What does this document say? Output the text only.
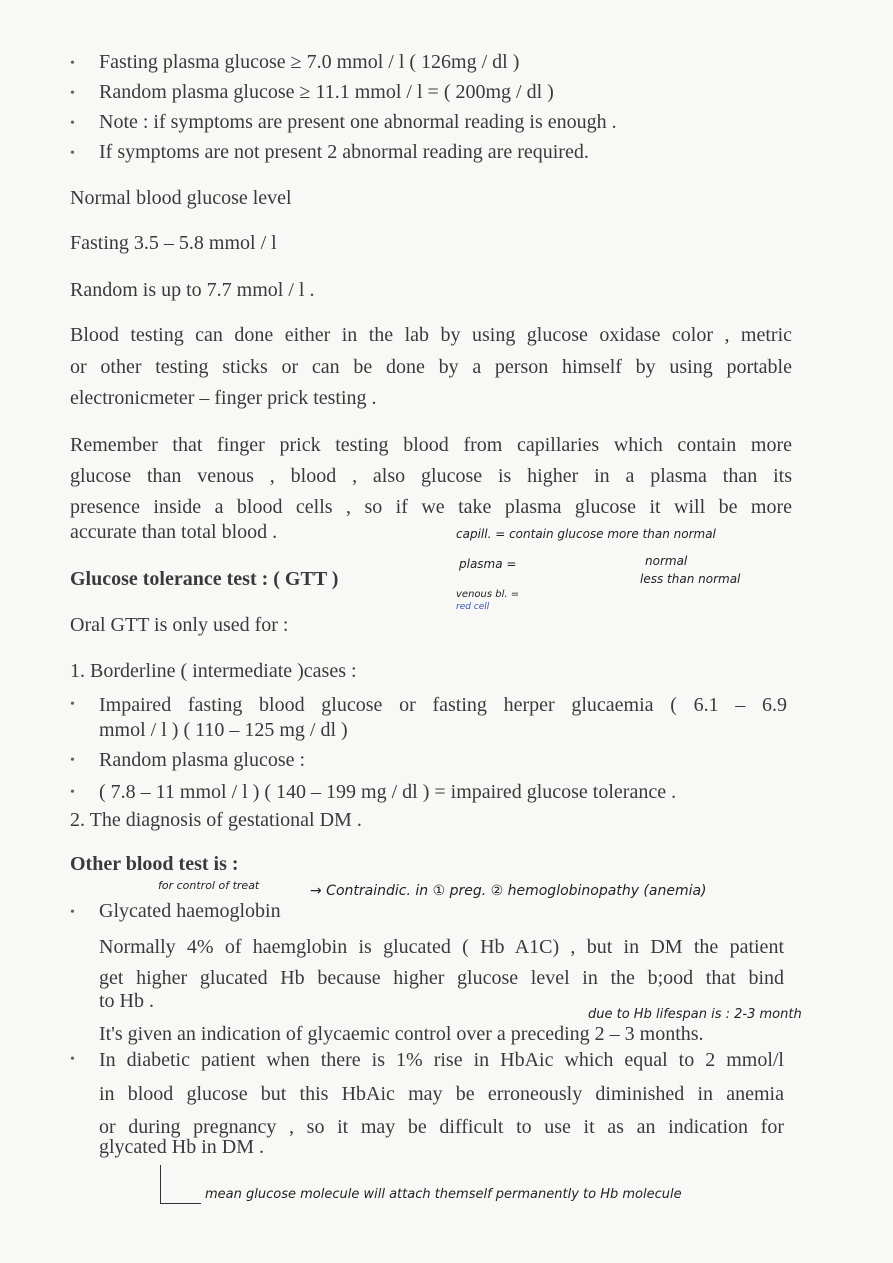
• Fasting plasma glucose ≥ 7.0 mmol / l ( 126mg / dl )
• Random plasma glucose ≥ 11.1 mmol / l = ( 200mg / dl )
• Note : if symptoms are present one abnormal reading is enough .
• If symptoms are not present 2 abnormal reading are required.
Normal blood glucose level
Fasting 3.5 – 5.8 mmol / l
Random is up to 7.7 mmol / l .
Blood testing can done either in the lab by using glucose oxidase color , metric
or other testing sticks or can be done by a person himself by using portable
electronicmeter – finger prick testing .
Remember that finger prick testing blood from capillaries which contain more
glucose than venous , blood , also glucose is higher in a plasma than its
presence inside a blood cells , so if we take plasma glucose it will be more
accurate than total blood .	capill. = contain glucose more than normal
plasma =	normal
venous bl. =
less than normal
red cell
Glucose tolerance test : ( GTT )
Oral GTT is only used for :
1. Borderline ( intermediate )cases :
• Impaired fasting blood glucose or fasting herper glucaemia ( 6.1 – 6.9
mmol / l ) ( 110 – 125 mg / dl )
• Random plasma glucose :
• ( 7.8 – 11 mmol / l ) ( 140 – 199 mg / dl ) = impaired glucose tolerance .
2. The diagnosis of gestational DM .
Other blood test is :
for control of treat
• Glycated haemoglobin
→ Contraindic. in ① preg. ② hemoglobinopathy (anemia)
Normally 4% of haemglobin is glucated ( Hb A1C) , but in DM the patient
get higher glucated Hb because higher glucose level in the b;ood that bind
to Hb .
due to Hb lifespan is : 2-3 month
It's given an indication of glycaemic control over a preceding 2 – 3 months.
• In diabetic patient when there is 1% rise in HbAic which equal to 2 mmol/l
in blood glucose but this HbAic may be erroneously diminished in anemia
or during pregnancy , so it may be difficult to use it as an indication for
glycated Hb in DM .
mean glucose molecule will attach themself permanently to Hb molecule
